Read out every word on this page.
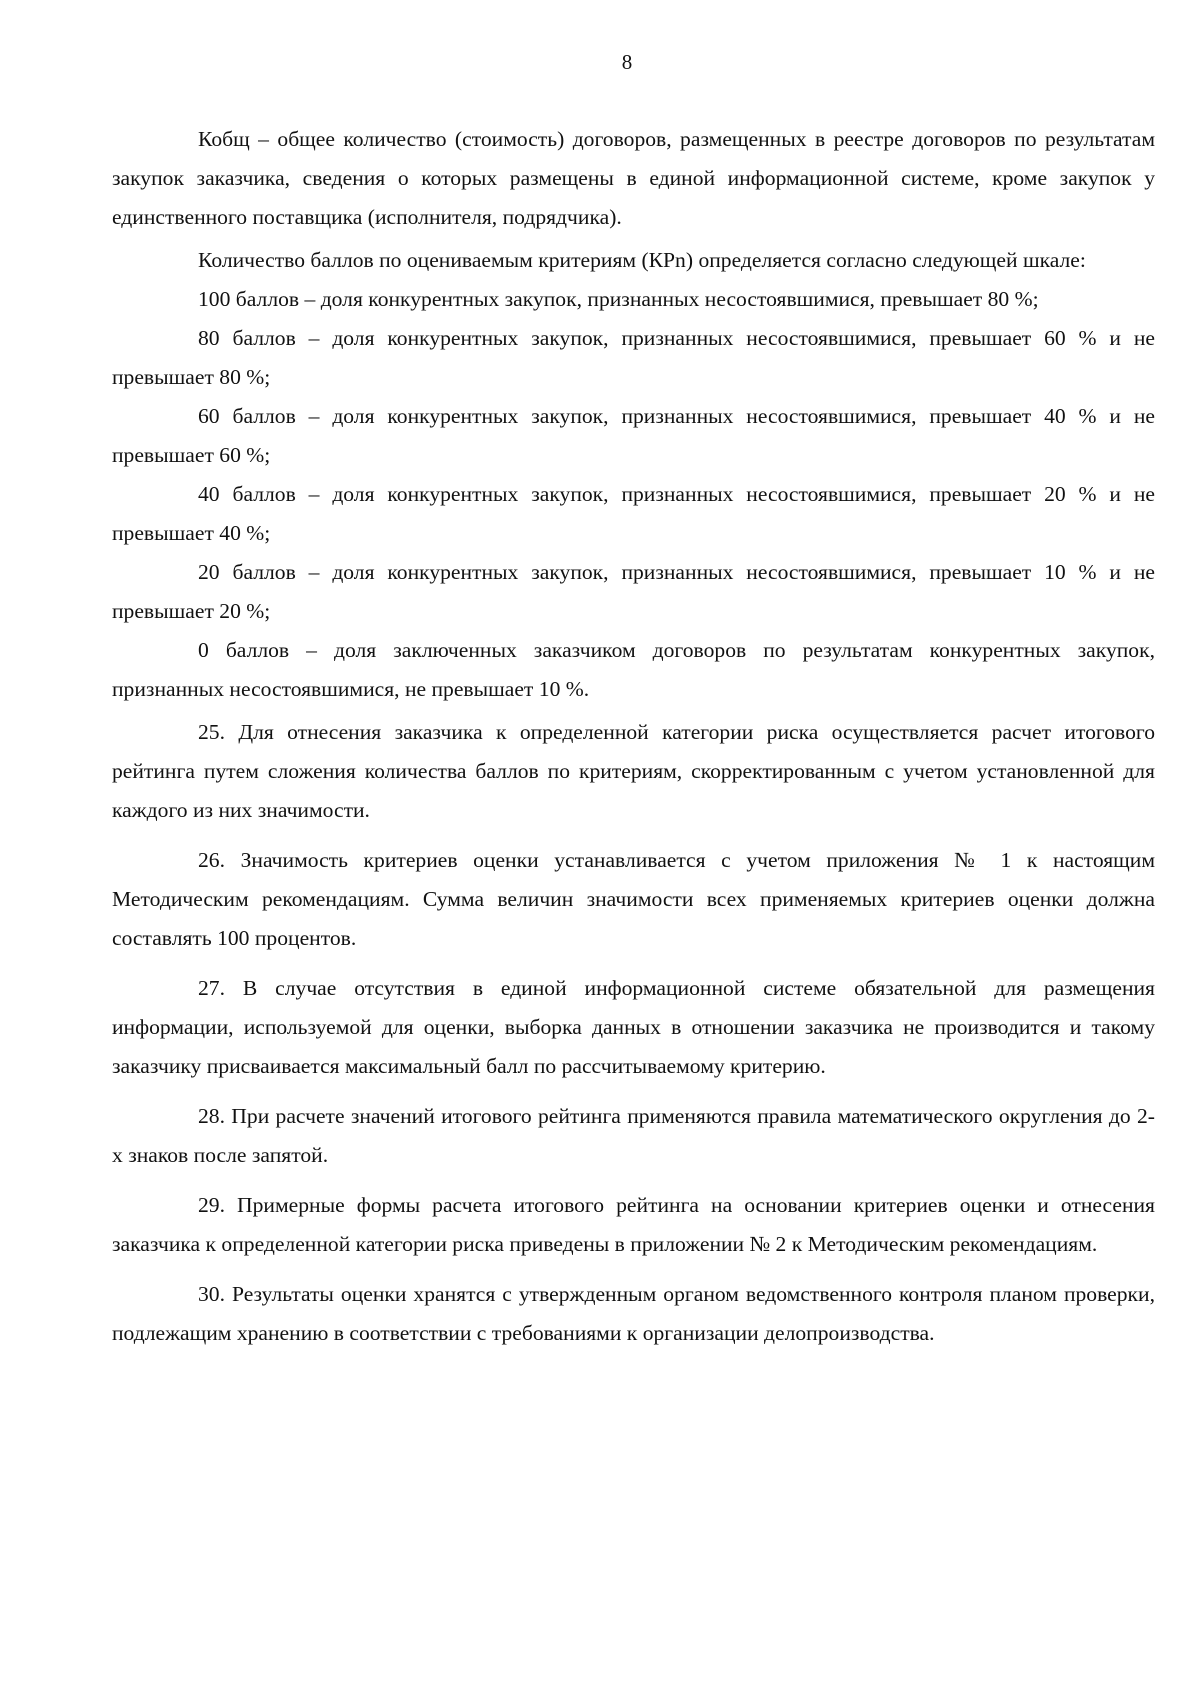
8

Кобщ – общее количество (стоимость) договоров, размещенных в реестре договоров по результатам закупок заказчика, сведения о которых размещены в единой информационной системе, кроме закупок у единственного поставщика (исполнителя, подрядчика).

Количество баллов по оцениваемым критериям (КРn) определяется согласно следующей шкале:

100 баллов – доля конкурентных закупок, признанных несостоявшимися, превышает 80 %;

80 баллов – доля конкурентных закупок, признанных несостоявшимися, превышает 60 % и не превышает 80 %;

60 баллов – доля конкурентных закупок, признанных несостоявшимися, превышает 40 % и не превышает 60 %;

40 баллов – доля конкурентных закупок, признанных несостоявшимися, превышает 20 % и не превышает 40 %;

20 баллов – доля конкурентных закупок, признанных несостоявшимися, превышает 10 % и не превышает 20 %;

0 баллов – доля заключенных заказчиком договоров по результатам конкурентных закупок, признанных несостоявшимися, не превышает 10 %.

25. Для отнесения заказчика к определенной категории риска осуществляется расчет итогового рейтинга путем сложения количества баллов по критериям, скорректированным с учетом установленной для каждого из них значимости.

26. Значимость критериев оценки устанавливается с учетом приложения № 1 к настоящим Методическим рекомендациям. Сумма величин значимости всех применяемых критериев оценки должна составлять 100 процентов.

27. В случае отсутствия в единой информационной системе обязательной для размещения информации, используемой для оценки, выборка данных в отношении заказчика не производится и такому заказчику присваивается максимальный балл по рассчитываемому критерию.

28. При расчете значений итогового рейтинга применяются правила математического округления до 2-х знаков после запятой.

29. Примерные формы расчета итогового рейтинга на основании критериев оценки и отнесения заказчика к определенной категории риска приведены в приложении № 2 к Методическим рекомендациям.

30. Результаты оценки хранятся с утвержденным органом ведомственного контроля планом проверки, подлежащим хранению в соответствии с требованиями к организации делопроизводства.
